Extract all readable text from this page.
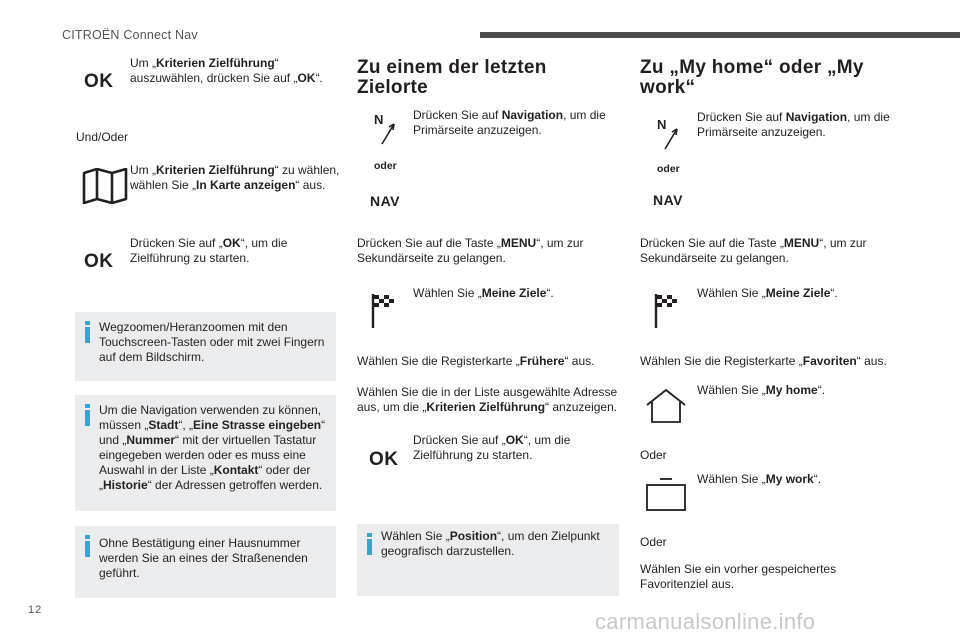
CITROËN Connect Nav
OK
Um „Kriterien Zielführung“ auszuwählen, drücken Sie auf „OK“.
Und/Oder
Um „Kriterien Zielführung“ zu wählen, wählen Sie „In Karte anzeigen“ aus.
OK
Drücken Sie auf „OK“, um die Zielführung zu starten.
Wegzoomen/Heranzoomen mit den Touchscreen-Tasten oder mit zwei Fingern auf dem Bildschirm.
Um die Navigation verwenden zu können, müssen „Stadt“, „Eine Strasse eingeben“ und „Nummer“ mit der virtuellen Tastatur eingegeben werden oder es muss eine Auswahl in der Liste „Kontakt“ oder der „Historie“ der Adressen getroffen werden.
Ohne Bestätigung einer Hausnummer werden Sie an eines der Straßenenden geführt.
Zu einem der letzten Zielorte
N
oder
NAV
Drücken Sie auf Navigation, um die Primärseite anzuzeigen.
Drücken Sie auf die Taste „MENU“, um zur Sekundärseite zu gelangen.
Wählen Sie „Meine Ziele“.
Wählen Sie die Registerkarte „Frühere“ aus.
Wählen Sie die in der Liste ausgewählte Adresse aus, um die „Kriterien Zielführung“ anzuzeigen.
OK
Drücken Sie auf „OK“, um die Zielführung zu starten.
Wählen Sie „Position“, um den Zielpunkt geografisch darzustellen.
Zu „My home“ oder „My work“
N
oder
NAV
Drücken Sie auf Navigation, um die Primärseite anzuzeigen.
Drücken Sie auf die Taste „MENU“, um zur Sekundärseite zu gelangen.
Wählen Sie „Meine Ziele“.
Wählen Sie die Registerkarte „Favoriten“ aus.
Wählen Sie „My home“.
Oder
Wählen Sie „My work“.
Oder
Wählen Sie ein vorher gespeichertes Favoritenziel aus.
12	carmanualsonline.info
